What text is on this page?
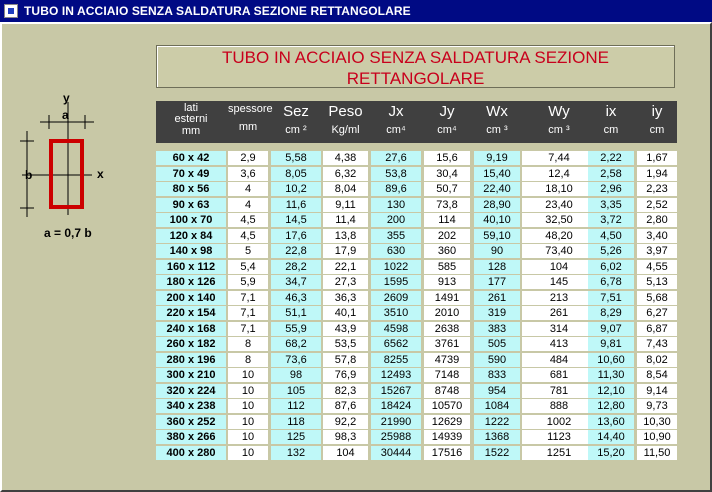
TUBO IN ACCIAIO SENZA SALDATURA SEZIONE RETTANGOLARE
TUBO IN ACCIAIO SENZA SALDATURA SEZIONE
RETTANGOLARE
y
a
b	x
a = 0,7 b
lati esterni
mm
spessore
mm
Sez
cm ²
Peso
Kg/ml
Jx
cm⁴
Jy
cm⁴
Wx
cm ³
Wy
cm ³
ix
cm
iy
cm
60 x 42	2,9	5,58	4,38	27,6	15,6	9,19	7,44	2,22	1,67
70 x 49	3,6	8,05	6,32	53,8	30,4	15,40	12,4	2,58	1,94
80 x 56	4	10,2	8,04	89,6	50,7	22,40	18,10	2,96	2,23
90 x 63	4	11,6	9,11	130	73,8	28,90	23,40	3,35	2,52
100 x 70	4,5	14,5	11,4	200	114	40,10	32,50	3,72	2,80
120 x 84	4,5	17,6	13,8	355	202	59,10	48,20	4,50	3,40
140 x 98	5	22,8	17,9	630	360	90	73,40	5,26	3,97
160 x 112	5,4	28,2	22,1	1022	585	128	104	6,02	4,55
180 x 126	5,9	34,7	27,3	1595	913	177	145	6,78	5,13
200 x 140	7,1	46,3	36,3	2609	1491	261	213	7,51	5,68
220 x 154	7,1	51,1	40,1	3510	2010	319	261	8,29	6,27
240 x 168	7,1	55,9	43,9	4598	2638	383	314	9,07	6,87
260 x 182	8	68,2	53,5	6562	3761	505	413	9,81	7,43
280 x 196	8	73,6	57,8	8255	4739	590	484	10,60	8,02
300 x 210	10	98	76,9	12493	7148	833	681	11,30	8,54
320 x 224	10	105	82,3	15267	8748	954	781	12,10	9,14
340 x 238	10	112	87,6	18424	10570	1084	888	12,80	9,73
360 x 252	10	118	92,2	21990	12629	1222	1002	13,60	10,30
380 x 266	10	125	98,3	25988	14939	1368	1123	14,40	10,90
400 x 280	10	132	104	30444	17516	1522	1251	15,20	11,50
